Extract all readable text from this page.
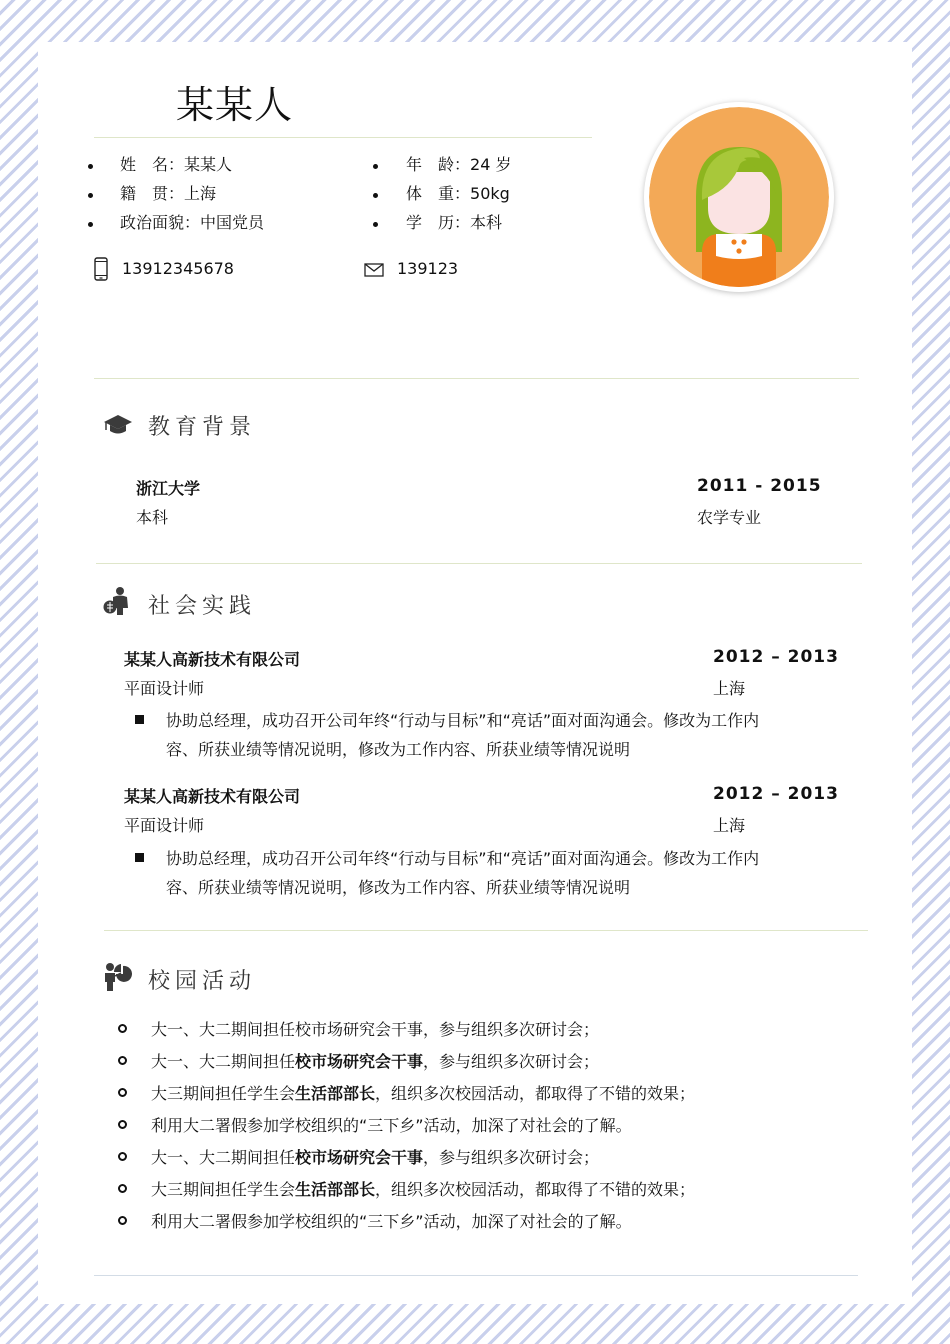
某某人
姓　名：某某人
籍　贯：上海
政治面貌：中国党员
年　龄：24 岁
体　重：50kg
学　历：本科
13912345678	139123
教育背景
浙江大学	2011 - 2015
本科	农学专业
社会实践
某某人高新技术有限公司	2012 – 2013
平面设计师	上海
协助总经理，成功召开公司年终“行动与目标”和“亮话”面对面沟通会。修改为工作内容、所获业绩等情况说明，修改为工作内容、所获业绩等情况说明
某某人高新技术有限公司	2012 – 2013
平面设计师	上海
协助总经理，成功召开公司年终“行动与目标”和“亮话”面对面沟通会。修改为工作内容、所获业绩等情况说明，修改为工作内容、所获业绩等情况说明
校园活动
大一、大二期间担任校市场研究会干事，参与组织多次研讨会；
大一、大二期间担任校市场研究会干事，参与组织多次研讨会；
大三期间担任学生会生活部部长，组织多次校园活动，都取得了不错的效果；
利用大二署假参加学校组织的“三下乡”活动，加深了对社会的了解。
大一、大二期间担任校市场研究会干事，参与组织多次研讨会；
大三期间担任学生会生活部部长，组织多次校园活动，都取得了不错的效果；
利用大二署假参加学校组织的“三下乡”活动，加深了对社会的了解。
